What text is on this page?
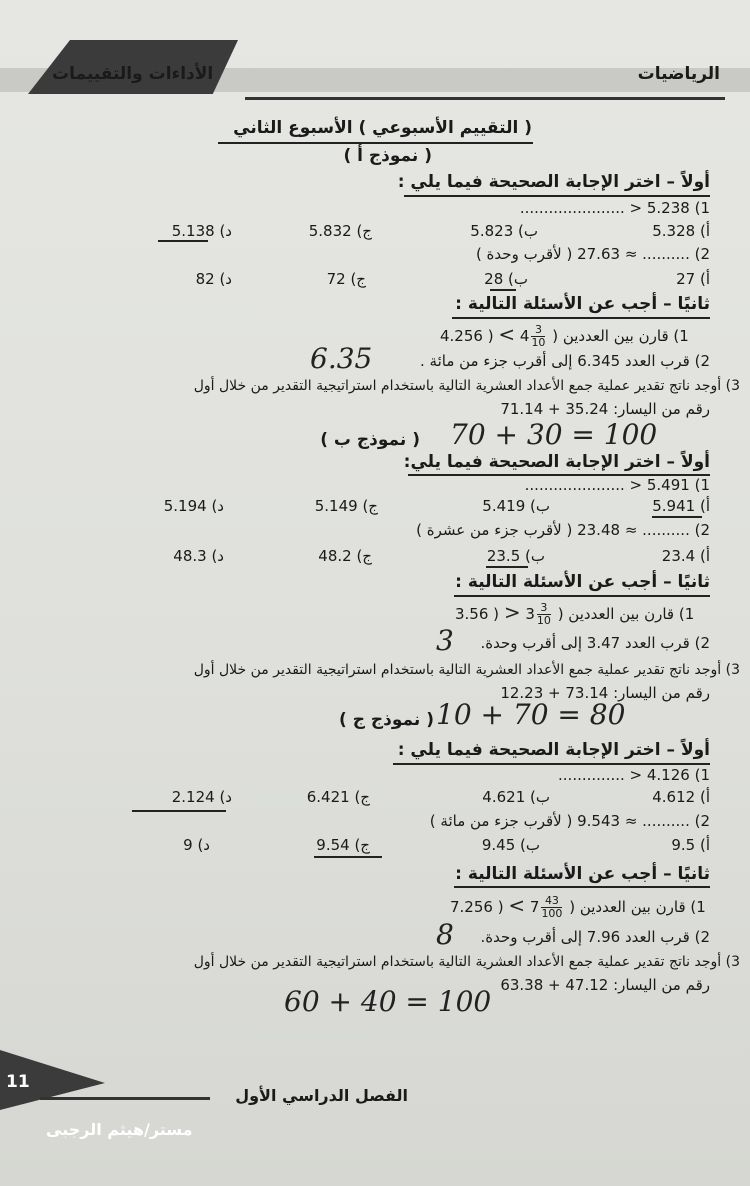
الأداءات والتقييمات	الرياضيات
( التقييم الأسبوعي ) الأسبوع الثاني
( نموذج أ )
أولاً – اختر الإجابة الصحيحة فيما يلي :
1) 5.238 < ......................
أ) 5.328
ب) 5.823
ج) 5.832
د) 5.138
2) .......... ≈ 27.63 ( لأقرب وحدة )
أ) 27
ب) 28
ج) 72
د) 82
ثانيًا – أجب عن الأسئلة التالية :
4.256 ) < $4 \frac{3}{10} 1$) قارن بين العددين (
2) قرب العدد 6.345 إلى أقرب جزء من مائة .
6.35
3) أوجد ناتج تقدير عملية جمع الأعداد العشرية التالية باستخدام استراتيجية التقدير من خلال أول
رقم من اليسار: 35.24 + 71.14
( نموذج ب ) 70 + 30 = 100
أولاً – اختر الإجابة الصحيحة فيما يلي:
1) 5.491 < .....................
أ) 5.941
ب) 5.419
ج) 5.149
د) 5.194
2) .......... ≈ 23.48 ( لأقرب جزء من عشرة )
أ) 23.4
ب) 23.5
ج) 48.2
د) 48.3
ثانيًا – أجب عن الأسئلة التالية :
3.56 ) > $3 \frac{3}{10} 1$) قارن بين العددين (
2) قرب العدد 3.47 إلى أقرب وحدة.
3
3) أوجد ناتج تقدير عملية جمع الأعداد العشرية التالية باستخدام استراتيجية التقدير من خلال أول
رقم من اليسار: 73.14 + 12.23
( نموذج ج ) 10 + 70 = 80
أولاً – اختر الإجابة الصحيحة فيما يلي :
1) 4.126 < ..............
أ) 4.612
ب) 4.621
ج) 6.421
د) 2.124
2) .......... ≈ 9.543 ( لأقرب جزء من مائة )
أ) 9.5
ب) 9.45
ج) 9.54
د) 9
ثانيًا – أجب عن الأسئلة التالية :
7.256 ) < $7 \frac{43}{100} 1$) قارن بين العددين (
2) قرب العدد 7.96 إلى أقرب وحدة.
8
3) أوجد ناتج تقدير عملية جمع الأعداد العشرية التالية باستخدام استراتيجية التقدير من خلال أول
رقم من اليسار: 47.12 + 63.38
60 + 40 = 100
11
الفصل الدراسي الأول
مستر/هيثم الرجبى
